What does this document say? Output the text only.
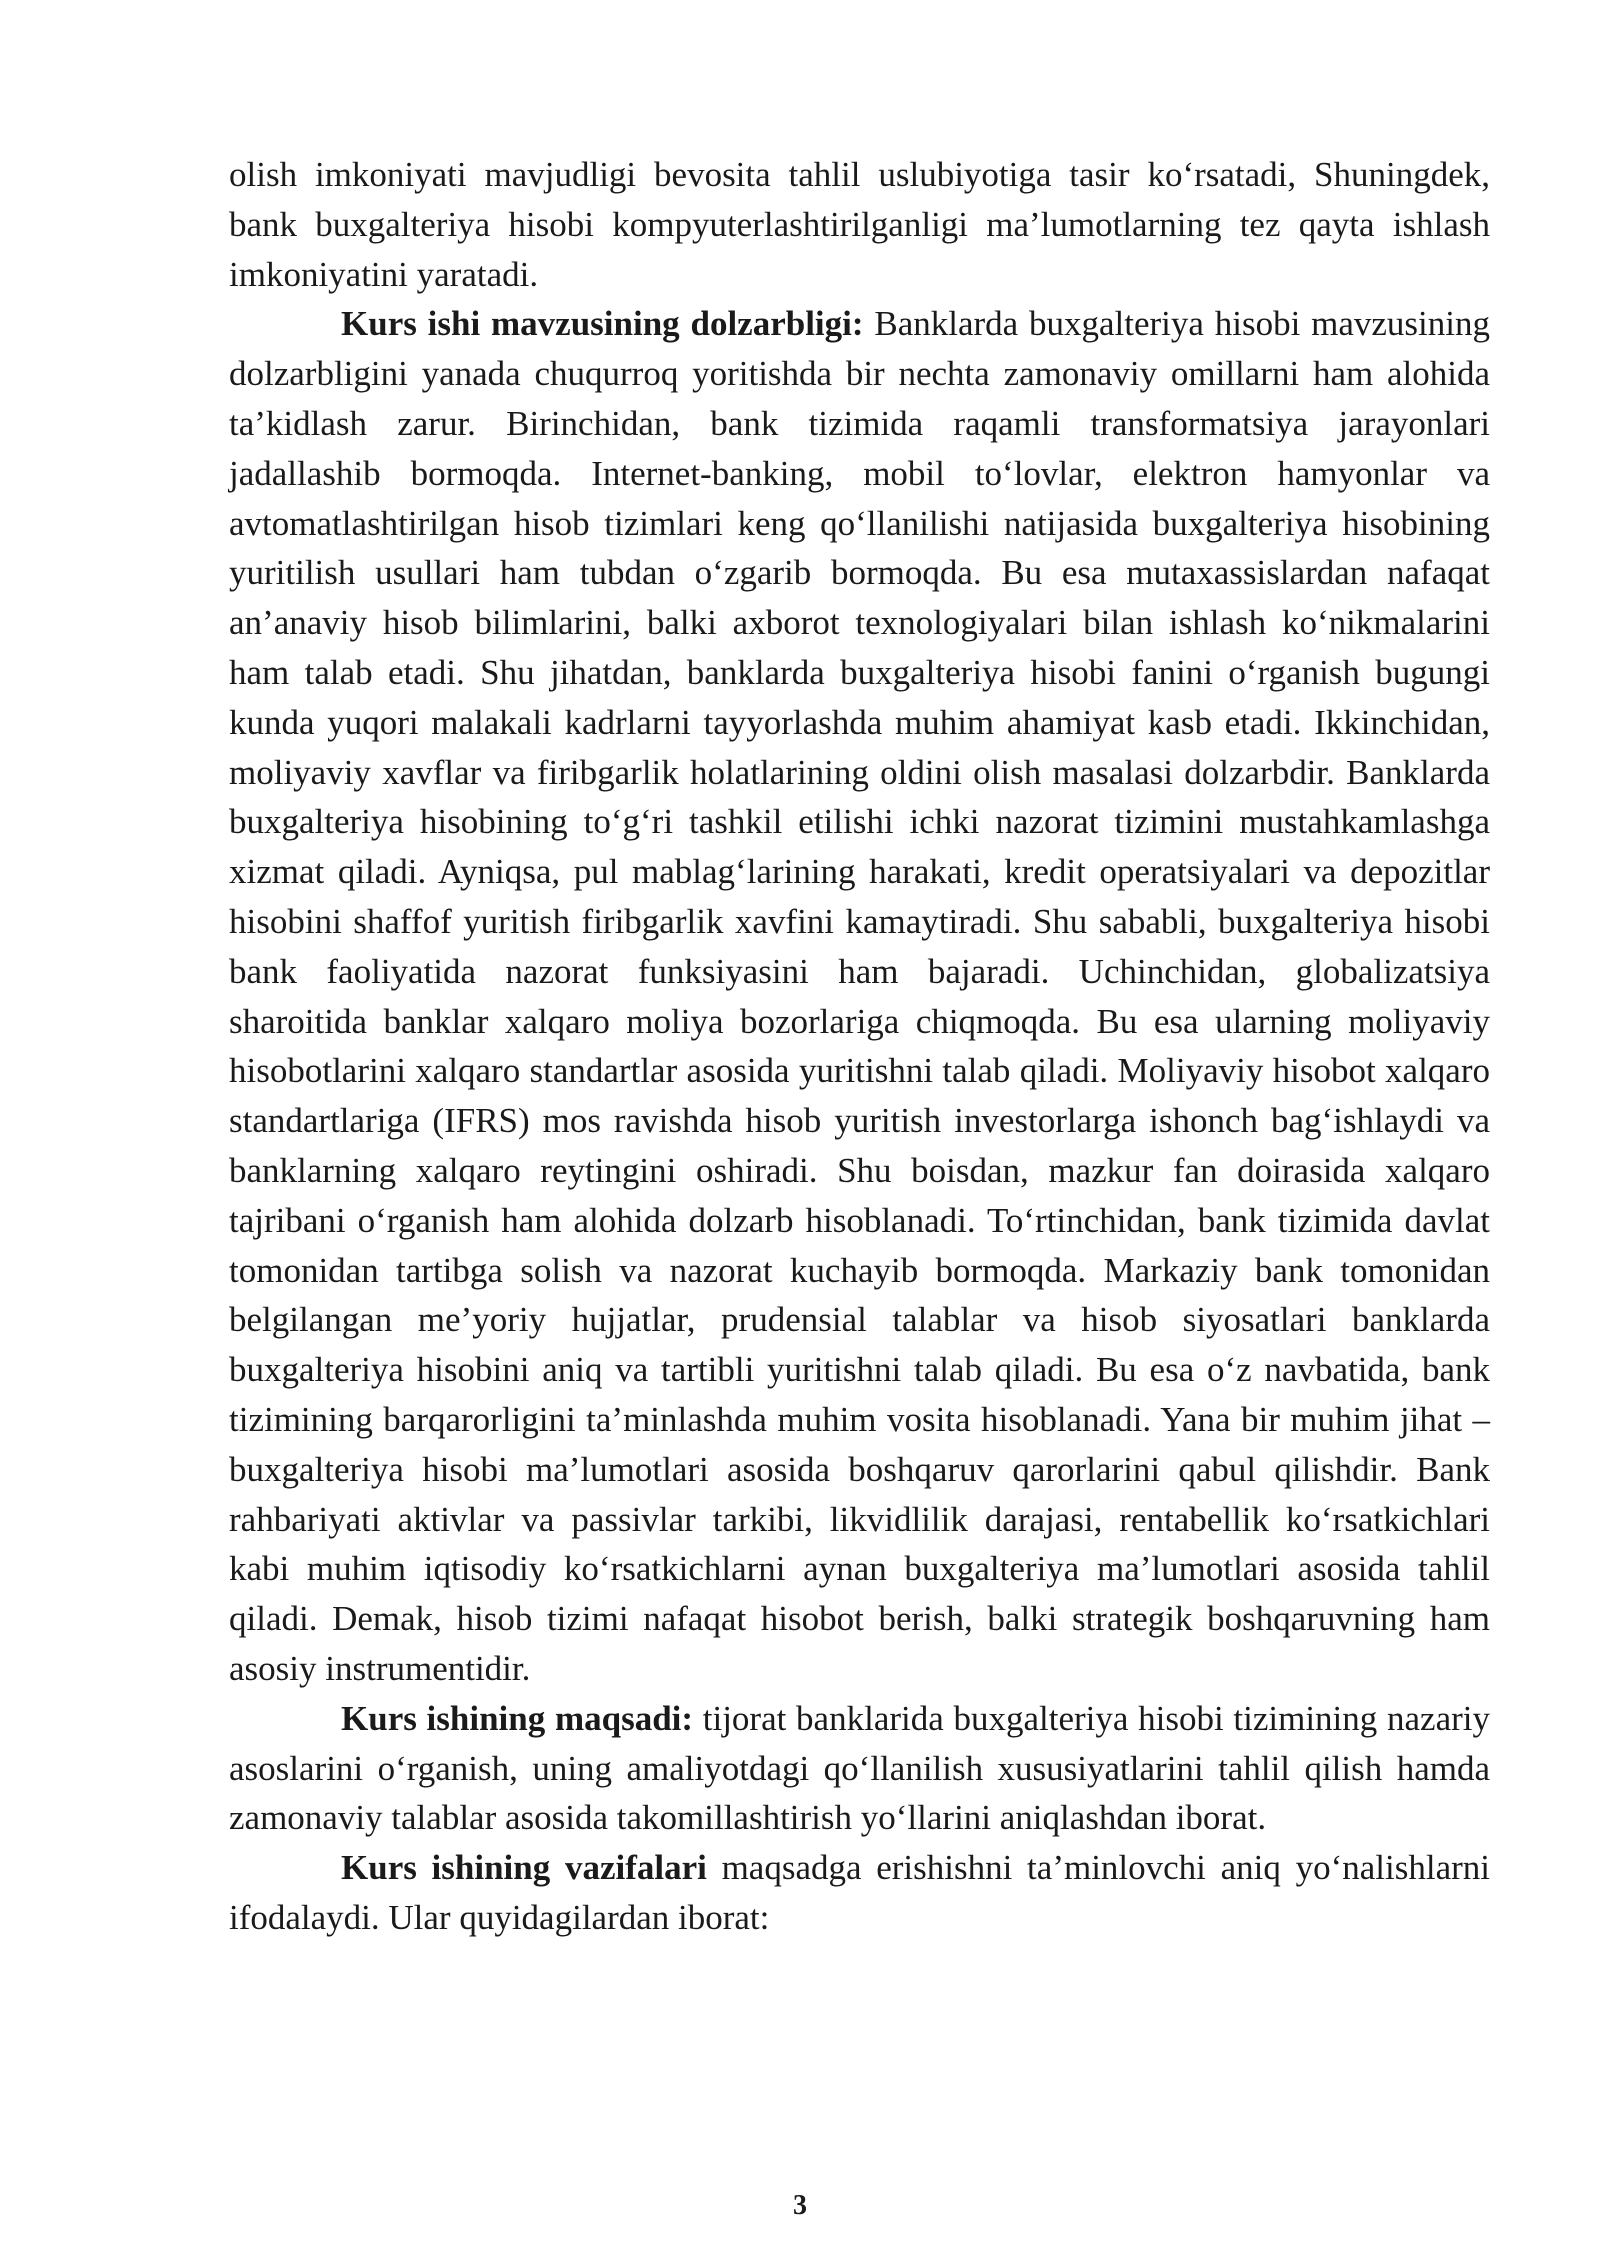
olish imkoniyati mavjudligi bevosita tahlil uslubiyotiga tasir ko‘rsatadi, Shuningdek, bank buxgalteriya hisobi kompyuterlashtirilganligi ma’lumotlarning tez qayta ishlash imkoniyatini yaratadi.

Kurs ishi mavzusining dolzarbligi: Banklarda buxgalteriya hisobi mavzusining dolzarbligini yanada chuqurroq yoritishda bir nechta zamonaviy omillarni ham alohida ta’kidlash zarur. Birinchidan, bank tizimida raqamli transformatsiya jarayonlari jadallashib bormoqda. Internet-banking, mobil to‘lovlar, elektron hamyonlar va avtomatlashtirilgan hisob tizimlari keng qo‘llanilishi natijasida buxgalteriya hisobining yuritilish usullari ham tubdan o‘zgarib bormoqda. Bu esa mutaxassislardan nafaqat an’anaviy hisob bilimlarini, balki axborot texnologiyalari bilan ishlash ko‘nikmalarini ham talab etadi. Shu jihatdan, banklarda buxgalteriya hisobi fanini o‘rganish bugungi kunda yuqori malakali kadrlarni tayyorlashda muhim ahamiyat kasb etadi. Ikkinchidan, moliyaviy xavflar va firibgarlik holatlarining oldini olish masalasi dolzarbdir. Banklarda buxgalteriya hisobining to‘g‘ri tashkil etilishi ichki nazorat tizimini mustahkamlashga xizmat qiladi. Ayniqsa, pul mablag‘larining harakati, kredit operatsiyalari va depozitlar hisobini shaffof yuritish firibgarlik xavfini kamaytiradi. Shu sababli, buxgalteriya hisobi bank faoliyatida nazorat funksiyasini ham bajaradi. Uchinchidan, globalizatsiya sharoitida banklar xalqaro moliya bozorlariga chiqmoqda. Bu esa ularning moliyaviy hisobotlarini xalqaro standartlar asosida yuritishni talab qiladi. Moliyaviy hisobot xalqaro standartlariga (IFRS) mos ravishda hisob yuritish investorlarga ishonch bag‘ishlaydi va banklarning xalqaro reytingini oshiradi. Shu boisdan, mazkur fan doirasida xalqaro tajribani o‘rganish ham alohida dolzarb hisoblanadi. To‘rtinchidan, bank tizimida davlat tomonidan tartibga solish va nazorat kuchayib bormoqda. Markaziy bank tomonidan belgilangan me’yoriy hujjatlar, prudensial talablar va hisob siyosatlari banklarda buxgalteriya hisobini aniq va tartibli yuritishni talab qiladi. Bu esa o‘z navbatida, bank tizimining barqarorligini ta’minlashda muhim vosita hisoblanadi. Yana bir muhim jihat – buxgalteriya hisobi ma’lumotlari asosida boshqaruv qarorlarini qabul qilishdir. Bank rahbariyati aktivlar va passivlar tarkibi, likvidlilik darajasi, rentabellik ko‘rsatkichlari kabi muhim iqtisodiy ko‘rsatkichlarni aynan buxgalteriya ma’lumotlari asosida tahlil qiladi. Demak, hisob tizimi nafaqat hisobot berish, balki strategik boshqaruvning ham asosiy instrumentidir.

Kurs ishining maqsadi: tijorat banklarida buxgalteriya hisobi tizimining nazariy asoslarini o‘rganish, uning amaliyotdagi qo‘llanilish xususiyatlarini tahlil qilish hamda zamonaviy talablar asosida takomillashtirish yo‘llarini aniqlashdan iborat.

Kurs ishining vazifalari maqsadga erishishni ta’minlovchi aniq yo‘nalishlarni ifodalaydi. Ular quyidagilardan iborat:

3
